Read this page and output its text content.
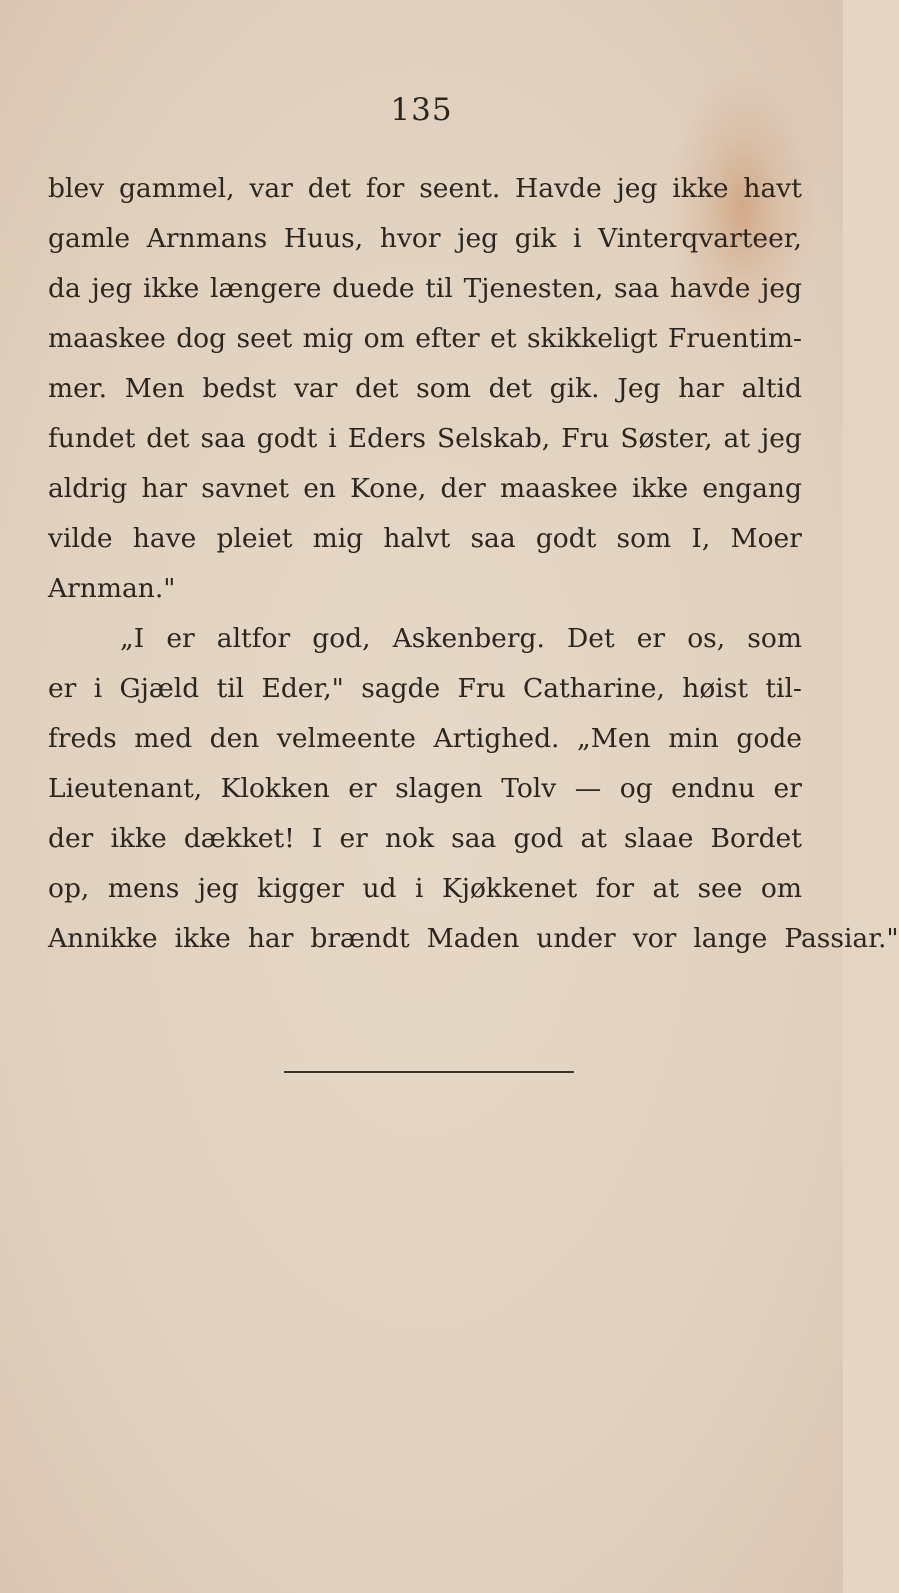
135
blev gammel, var det for seent. Havde jeg ikke havt
gamle Arnmans Huus, hvor jeg gik i Vinterqvarteer,
da jeg ikke længere duede til Tjenesten, saa havde jeg
maaskee dog seet mig om efter et skikkeligt Fruentim-
mer. Men bedst var det som det gik. Jeg har altid
fundet det saa godt i Eders Selskab, Fru Søster, at jeg
aldrig har savnet en Kone, der maaskee ikke engang
vilde have pleiet mig halvt saa godt som I, Moer
Arnman."
„I er altfor god, Askenberg. Det er os, som
er i Gjæld til Eder," sagde Fru Catharine, høist til-
freds med den velmeente Artighed. „Men min gode
Lieutenant, Klokken er slagen Tolv — og endnu er
der ikke dækket! I er nok saa god at slaae Bordet
op, mens jeg kigger ud i Kjøkkenet for at see om
Annikke ikke har brændt Maden under vor lange Passiar."
